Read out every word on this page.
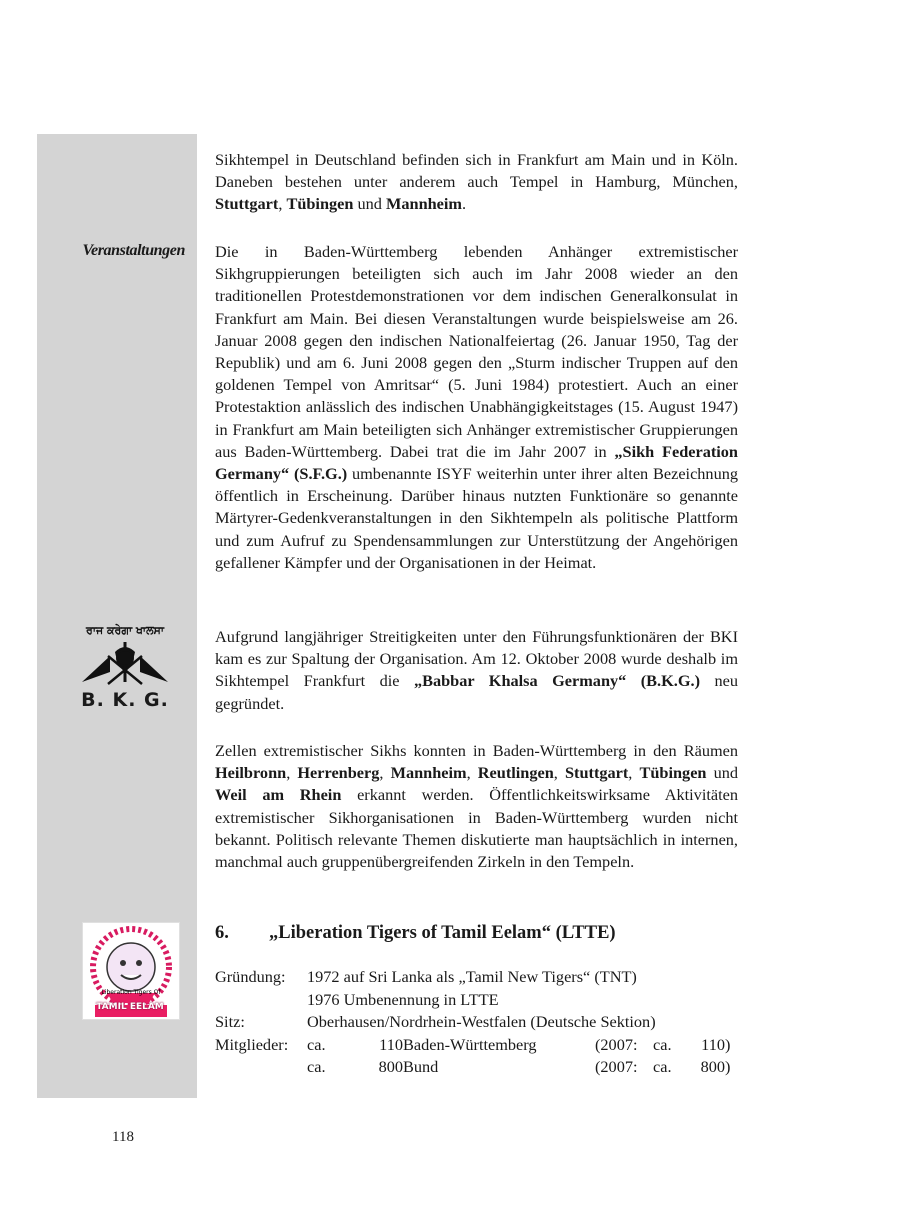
Veranstaltungen
ਰਾਜ ਕਰੇਗਾ ਖਾਲਸਾ
B. K. G.
Liberation Tigers Of
TAMIL EELAM

Sikhtempel in Deutschland befinden sich in Frankfurt am Main und in Köln. Daneben bestehen unter anderem auch Tempel in Hamburg, München, Stuttgart, Tübingen und Mannheim.

Die in Baden-Württemberg lebenden Anhänger extremistischer Sikhgruppierungen beteiligten sich auch im Jahr 2008 wieder an den traditionellen Protestdemonstrationen vor dem indischen Generalkonsulat in Frankfurt am Main. Bei diesen Veranstaltungen wurde beispielsweise am 26. Januar 2008 gegen den indischen Nationalfeiertag (26. Januar 1950, Tag der Republik) und am 6. Juni 2008 gegen den „Sturm indischer Truppen auf den goldenen Tempel von Amritsar“ (5. Juni 1984) protestiert. Auch an einer Protestaktion anlässlich des indischen Unabhängigkeitstages (15. August 1947) in Frankfurt am Main beteiligten sich Anhänger extremistischer Gruppierungen aus Baden-Württemberg. Dabei trat die im Jahr 2007 in „Sikh Federation Germany“ (S.F.G.) umbenannte ISYF weiterhin unter ihrer alten Bezeichnung öffentlich in Erscheinung. Darüber hinaus nutzten Funktionäre so genannte Märtyrer-Gedenkveranstaltungen in den Sikhtempeln als politische Plattform und zum Aufruf zu Spendensammlungen zur Unterstützung der Angehörigen gefallener Kämpfer und der Organisationen in der Heimat.

Aufgrund langjähriger Streitigkeiten unter den Führungsfunktionären der BKI kam es zur Spaltung der Organisation. Am 12. Oktober 2008 wurde deshalb im Sikhtempel Frankfurt die „Babbar Khalsa Germany“ (B.K.G.) neu gegründet.

Zellen extremistischer Sikhs konnten in Baden-Württemberg in den Räumen Heilbronn, Herrenberg, Mannheim, Reutlingen, Stuttgart, Tübingen und Weil am Rhein erkannt werden. Öffentlichkeitswirksame Aktivitäten extremistischer Sikhorganisationen in Baden-Württemberg wurden nicht bekannt. Politisch relevante Themen diskutierte man hauptsächlich in internen, manchmal auch gruppenübergreifenden Zirkeln in den Tempeln.

6. „Liberation Tigers of Tamil Eelam“ (LTTE)
Gründung: 1972 auf Sri Lanka als „Tamil New Tigers“ (TNT)
1976 Umbenennung in LTTE
Sitz:	Oberhausen/Nordrhein-Westfalen (Deutsche Sektion)
Mitglieder: ca.	110 Baden-Württemberg	(2007: ca.	110 )
ca.	800 Bund	(2007: ca.	800 )
118
